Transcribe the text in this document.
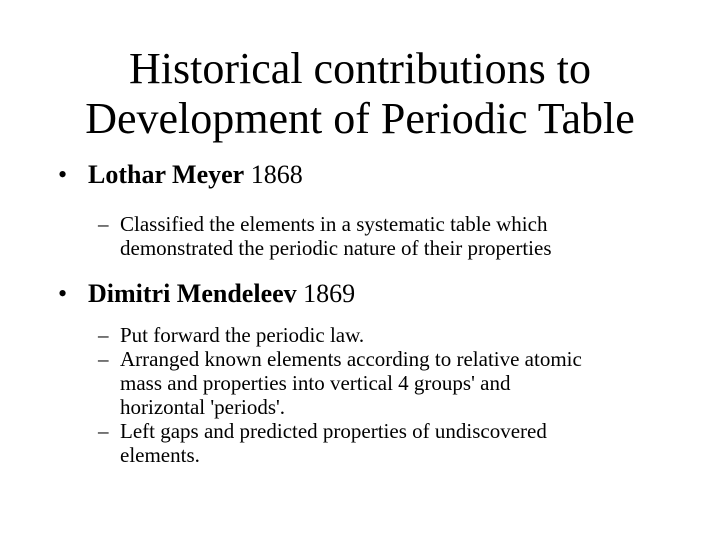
Historical contributions to
Development of Periodic Table
• Lothar Meyer 1868
– Classified the elements in a systematic table which
demonstrated the periodic nature of their properties
• Dimitri Mendeleev 1869
– Put forward the periodic law.
– Arranged known elements according to relative atomic
mass and properties into vertical 4 groups' and
horizontal 'periods'.
– Left gaps and predicted properties of undiscovered
elements.
